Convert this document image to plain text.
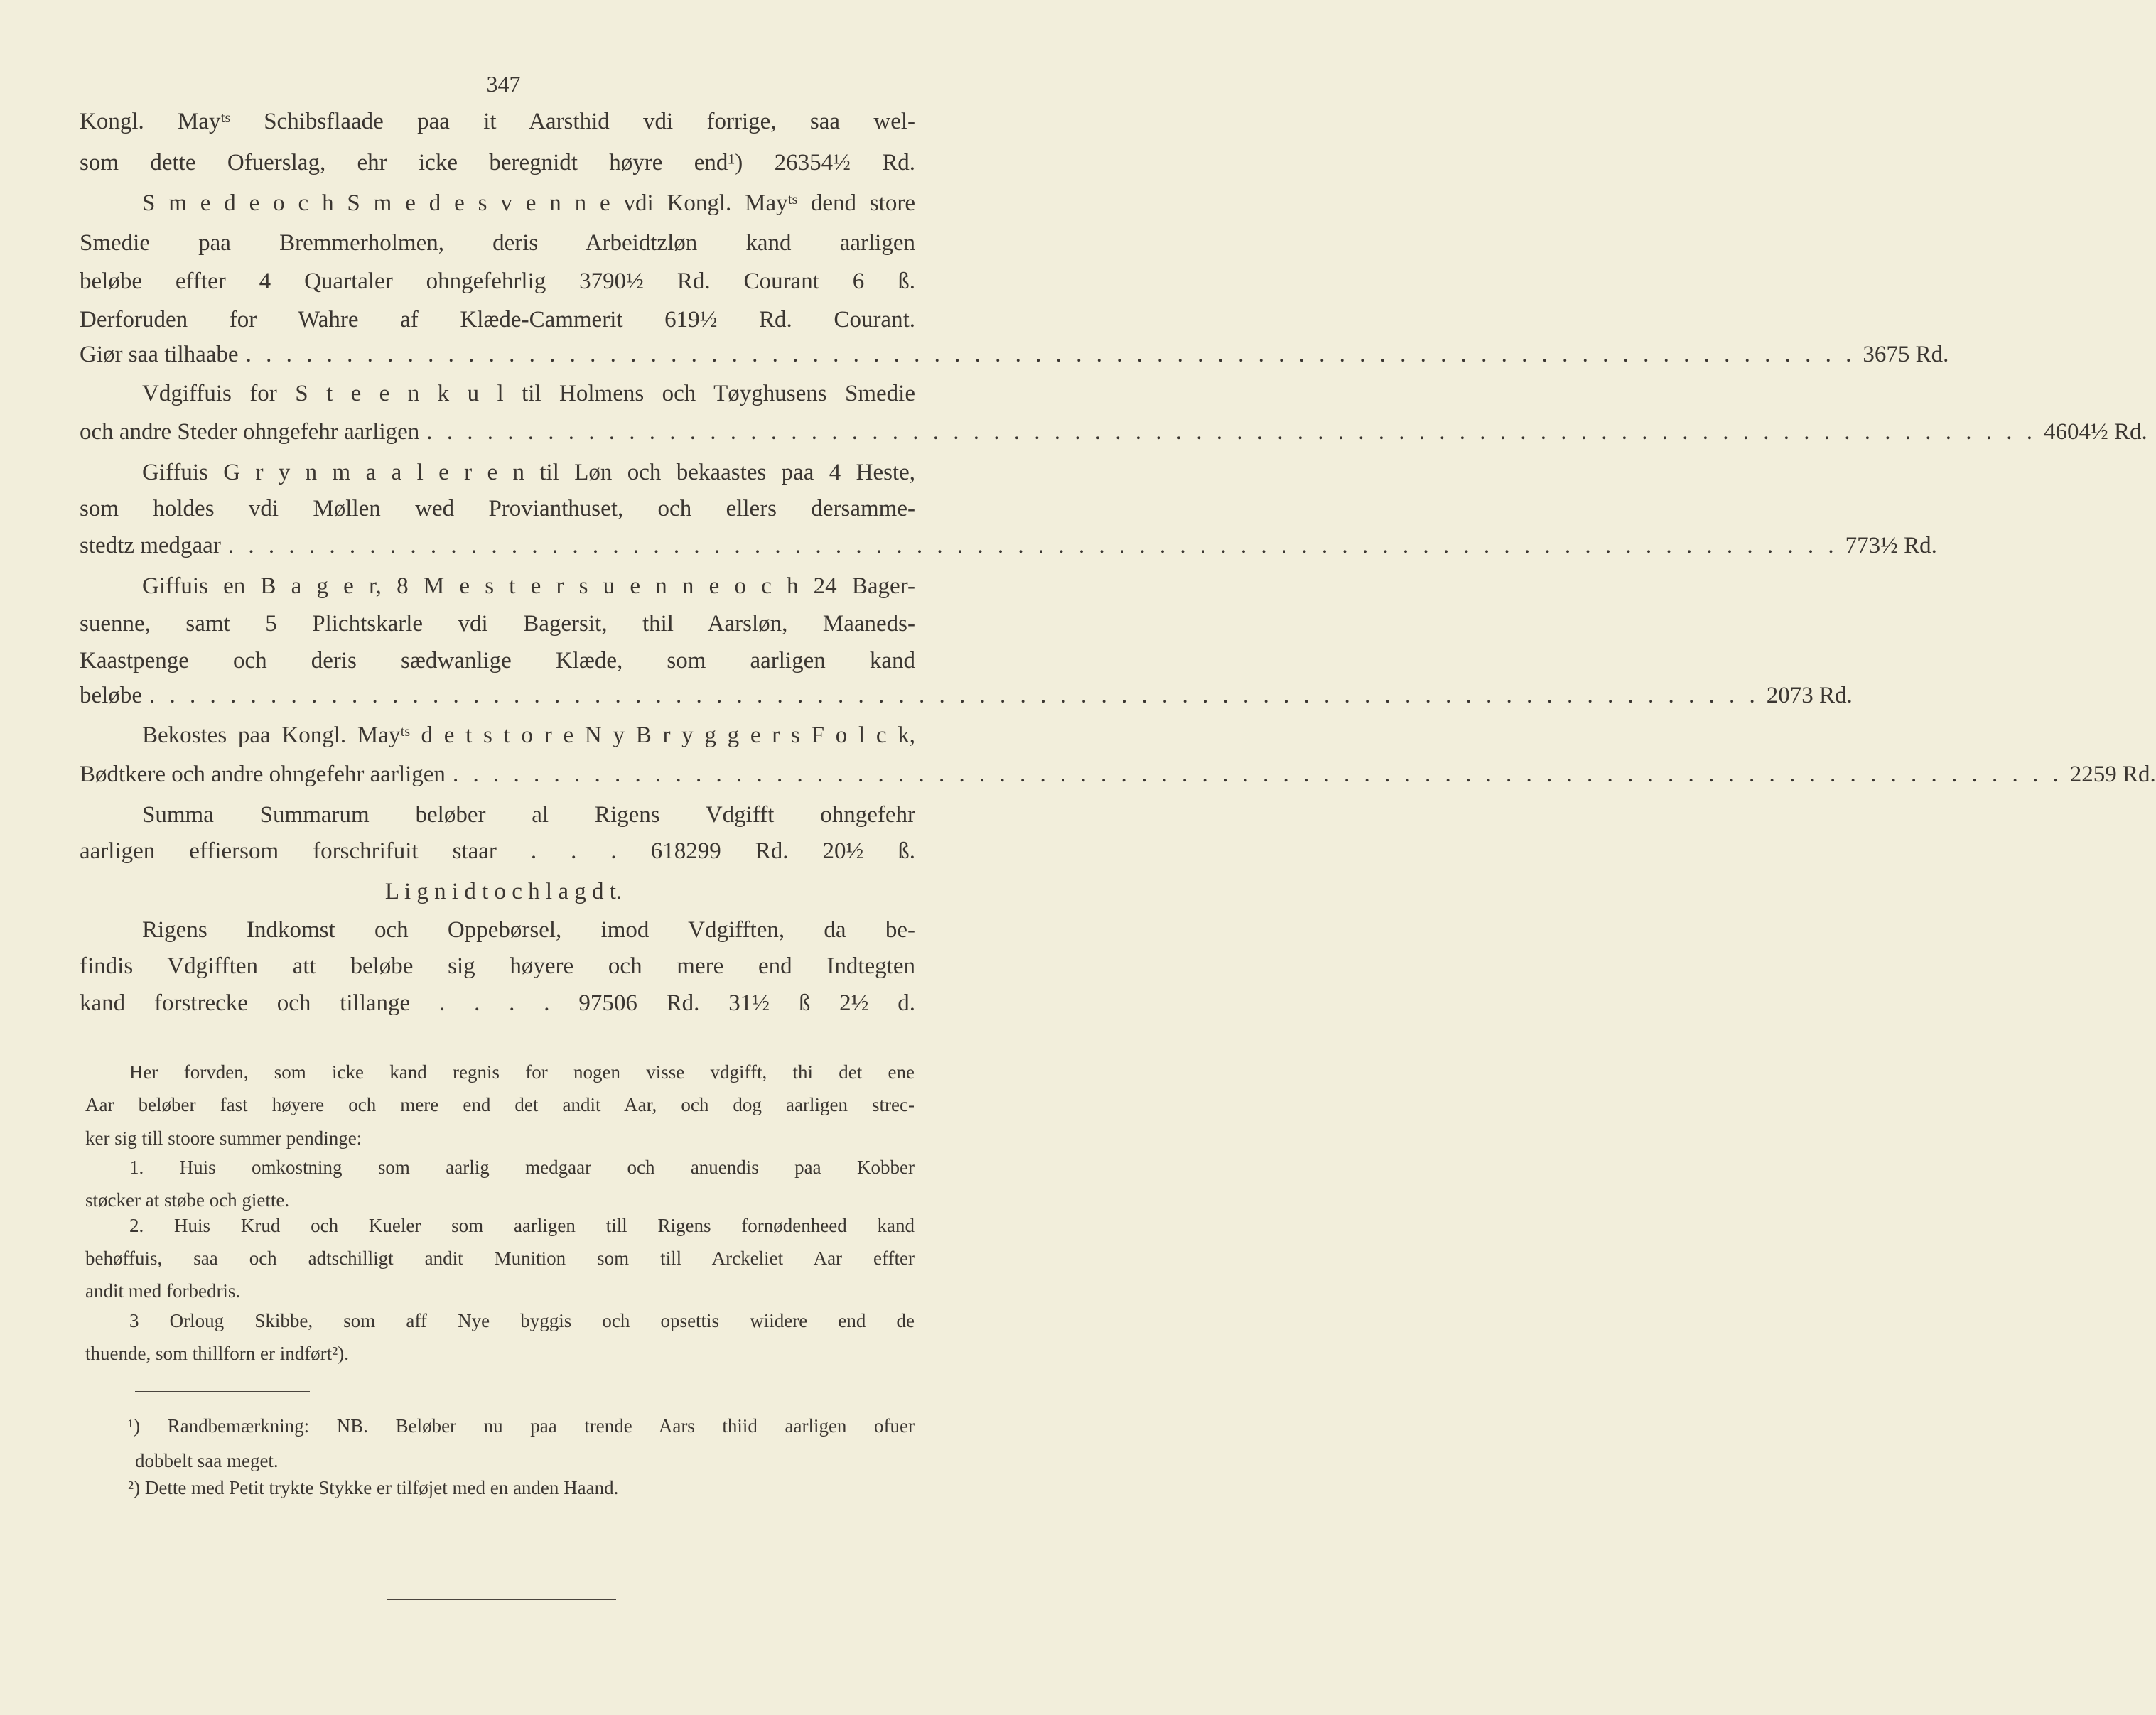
347
Kongl. Mayᵗˢ Schibsflaade paa it Aarsthid vdi forrige, saa wel-
som dette Ofuerslag, ehr icke beregnidt høyre end¹) 26354½ Rd.
S m e d e o c h S m e d e s v e n n e vdi Kongl. Mayᵗˢ dend store
Smedie paa Bremmerholmen, deris Arbeidtzløn kand aarligen
beløbe effter 4 Quartaler ohngefehrlig 3790½ Rd. Courant 6 ß.
Derforuden for Wahre af Klæde-Cammerit 619½ Rd. Courant.
Giør saa tilhaabe . . . . . . . . . . . . . . . . . . . . . . . . . . . . . . . . . . . . . . . . . . . . . . . . . . . . . . . . . . . . . . . . . . . . . . . . . . . . . . . . 3675 Rd.
Vdgiffuis for S t e e n k u l til Holmens och Tøyghusens Smedie
och andre Steder ohngefehr aarligen . . . . . . . . . . . . . . . . . . . . . . . . . . . . . . . . . . . . . . . . . . . . . . . . . . . . . . . . . . . . . . . . . . . . . . . . . . . . . . . . 4604½ Rd.
Giffuis G r y n m a a l e r e n til Løn och bekaastes paa 4 Heste,
som holdes vdi Møllen wed Provianthuset, och ellers dersamme-
stedtz medgaar . . . . . . . . . . . . . . . . . . . . . . . . . . . . . . . . . . . . . . . . . . . . . . . . . . . . . . . . . . . . . . . . . . . . . . . . . . . . . . . . 773½ Rd.
Giffuis en B a g e r, 8 M e s t e r s u e n n e o c h 24 Bager-
suenne, samt 5 Plichtskarle vdi Bagersit, thil Aarsløn, Maaneds-
Kaastpenge och deris sædwanlige Klæde, som aarligen kand
beløbe . . . . . . . . . . . . . . . . . . . . . . . . . . . . . . . . . . . . . . . . . . . . . . . . . . . . . . . . . . . . . . . . . . . . . . . . . . . . . . . . 2073 Rd.
Bekostes paa Kongl. Mayᵗˢ d e t s t o r e N y B r y g g e r s F o l c k,
Bødtkere och andre ohngefehr aarligen . . . . . . . . . . . . . . . . . . . . . . . . . . . . . . . . . . . . . . . . . . . . . . . . . . . . . . . . . . . . . . . . . . . . . . . . . . . . . . . . 2259 Rd.
Summa Summarum beløber al Rigens Vdgifft ohngefehr
aarligen effiersom forschrifuit staar . . . 618299 Rd. 20½ ß.
L i g n i d t o c h l a g d t.
Rigens Indkomst och Oppebørsel, imod Vdgifften, da be-
findis Vdgifften att beløbe sig høyere och mere end Indtegten
kand forstrecke och tillange . . . . 97506 Rd. 31½ ß 2½ d.
Her forvden, som icke kand regnis for nogen visse vdgifft, thi det ene
Aar beløber fast høyere och mere end det andit Aar, och dog aarligen strec-
ker sig till stoore summer pendinge:
1. Huis omkostning som aarlig medgaar och anuendis paa Kobber
støcker at støbe och giette.
2. Huis Krud och Kueler som aarligen till Rigens fornødenheed kand
behøffuis, saa och adtschilligt andit Munition som till Arckeliet Aar effter
andit med forbedris.
3 Orloug Skibbe, som aff Nye byggis och opsettis wiidere end de
thuende, som thillforn er indført²).
¹) Randbemærkning: NB. Beløber nu paa trende Aars thiid aarligen ofuer
dobbelt saa meget.
²) Dette med Petit trykte Stykke er tilføjet med en anden Haand.
